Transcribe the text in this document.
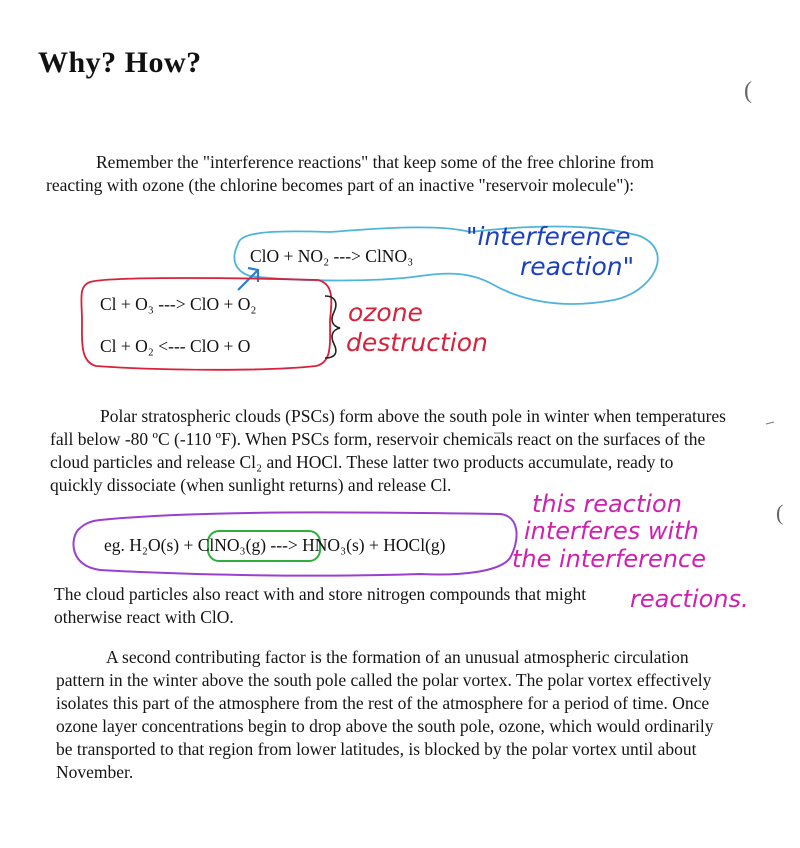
Why? How?
Remember the "interference reactions" that keep some of the free chlorine from reacting with ozone (the chlorine becomes part of an inactive "reservoir molecule"):
ClO + NO₂ ---> ClNO₃
Cl + O₃ ---> ClO + O₂
Cl + O₂ <--- ClO + O
"interference
reaction"
ozone
destruction
Polar stratospheric clouds (PSCs) form above the south pole in winter when temperatures fall below -80 ºC (-110 ºF). When PSCs form, reservoir chemicals react on the surfaces of the cloud particles and release Cl₂ and HOCl. These latter two products accumulate, ready to quickly dissociate (when sunlight returns) and release Cl.
eg. H₂O(s) + ClNO₃(g) ---> HNO₃(s) + HOCl(g)
this reaction
interferes with
the interference
reactions.
The cloud particles also react with and store nitrogen compounds that might otherwise react with ClO.
A second contributing factor is the formation of an unusual atmospheric circulation pattern in the winter above the south pole called the polar vortex. The polar vortex effectively isolates this part of the atmosphere from the rest of the atmosphere for a period of time. Once ozone layer concentrations begin to drop above the south pole, ozone, which would ordinarily be transported to that region from lower latitudes, is blocked by the polar vortex until about November.
(
(
